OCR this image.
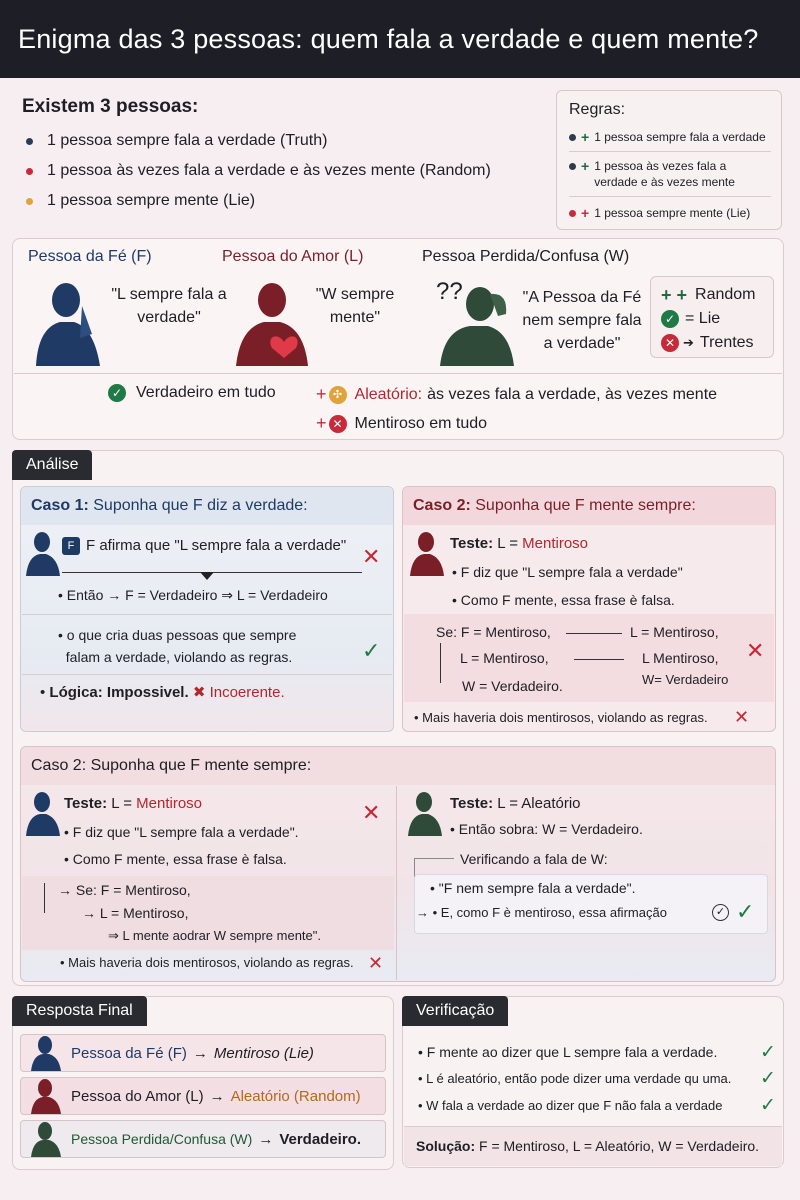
Enigma das 3 pessoas: quem fala a verdade e quem mente?
Existem 3 pessoas:
1 pessoa sempre fala a verdade (Truth)
1 pessoa às vezes fala a verdade e às vezes mente (Random)
1 pessoa sempre mente (Lie)
Regras:
+ 1 pessoa sempre fala a verdade
+ 1 pessoa às vezes fala a verdade e às vezes mente
+ 1 pessoa sempre mente (Lie)
Pessoa da Fé (F)	Pessoa do Amor (L)	Pessoa Perdida/Confusa (W)
"L sempre fala a verdade"
"W sempre mente"
??	"A Pessoa da Fé nem sempre fala a verdade"
+ + Random
✓ = Lie
✕ ➔ Trentes
✓ Verdadeiro em tudo + ✣ Aleatório: às vezes fala a verdade, às vezes mente
+ ✕ Mentiroso em tudo
Análise
Caso 1: Suponha que F diz a verdade:
F F afirma que "L sempre fala a verdade" ✕
• Então → F = Verdadeiro ⇒ L = Verdadeiro
• o que cria duas pessoas que sempre
falam a verdade, violando as regras.	✓
• Lógica: Impossivel. ✖ Incoerente.
Caso 2: Suponha que F mente sempre:
Teste: L = Mentiroso
• F diz que "L sempre fala a verdade"
• Como F mente, essa frase è falsa.
Se: F = Mentiroso,	L = Mentiroso,
L = Mentiroso,	L Mentiroso,
W = Verdadeiro.	W= Verdadeiro
✕
• Mais haveria dois mentirosos, violando as regras. ✕
Caso 2: Suponha que F mente sempre:
Teste: L = Mentiroso	✕
• F diz que "L sempre fala a verdade".
• Como F mente, essa frase è falsa.
→ Se: F = Mentiroso,
→ L = Mentiroso,
⇒ L mente aodrar W sempre mente".
• Mais haveria dois mentirosos, violando as regras. ✕
Teste: L = Aleatório
• Então sobra: W = Verdadeiro.
Verificando a fala de W:
• "F nem sempre fala a verdade".
→ • E, como F è mentiroso, essa afirmação	✓ ✓
Resposta Final
Pessoa da Fé (F) → Mentiroso (Lie)
Pessoa do Amor (L) → Aleatório (Random)
Pessoa Perdida/Confusa (W) → Verdadeiro.
Verificação
• F mente ao dizer que L sempre fala a verdade.	✓
• L é aleatório, então pode dizer uma verdade qu uma.	✓
• W fala a verdade ao dizer que F não fala a verdade	✓
Solução: F = Mentiroso, L = Aleatório, W = Verdadeiro.
